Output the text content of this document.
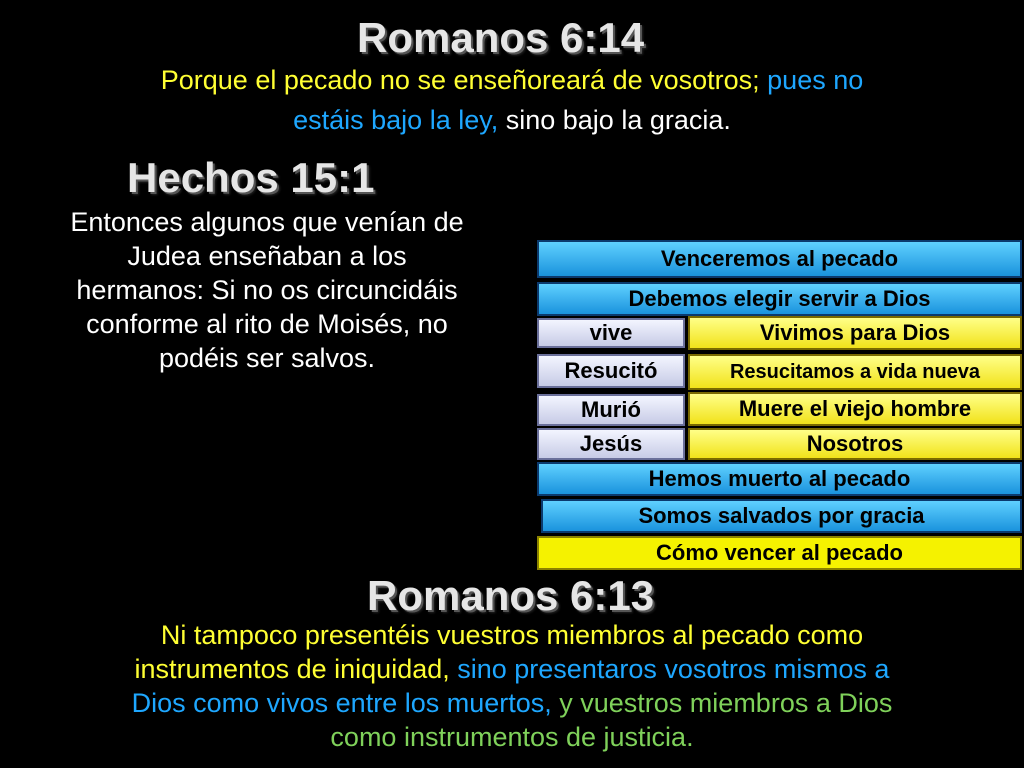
Romanos 6:14
Porque el pecado no se enseñoreará de vosotros; pues no
estáis bajo la ley, sino bajo la gracia.
Hechos 15:1
Entonces algunos que venían de
Judea enseñaban a los
hermanos: Si no os circuncidáis
conforme al rito de Moisés, no
podéis ser salvos.
Venceremos al pecado
Debemos elegir servir a Dios
vive	Vivimos para Dios
Resucitó	Resucitamos a vida nueva
Murió	Muere el viejo hombre
Jesús	Nosotros
Hemos muerto al pecado
Somos salvados por gracia
Cómo vencer al pecado
Romanos 6:13
Ni tampoco presentéis vuestros miembros al pecado como
instrumentos de iniquidad, sino presentaros vosotros mismos a
Dios como vivos entre los muertos, y vuestros miembros a Dios
como instrumentos de justicia.
